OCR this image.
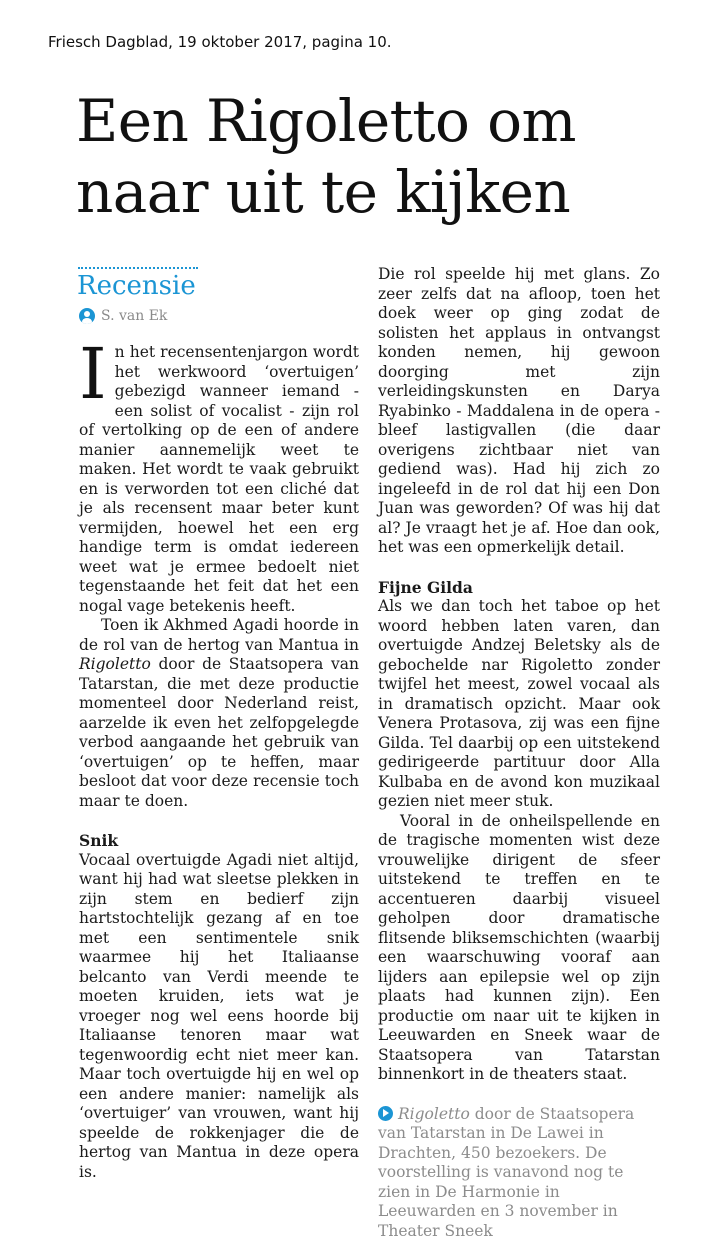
Friesch Dagblad, 19 oktober 2017, pagina 10.
Een Rigoletto om naar uit te kijken
Recensie
S. van Ek

In het recensentenjargon wordt het werkwoord ‘overtuigen’ gebezigd wanneer iemand - een solist of vocalist - zijn rol of vertolking op de een of andere manier aannemelijk weet te maken. Het wordt te vaak gebruikt en is verworden tot een cliché dat je als recensent maar beter kunt vermijden, hoewel het een erg handige term is omdat iedereen weet wat je ermee bedoelt niet tegenstaande het feit dat het een nogal vage betekenis heeft.

Toen ik Akhmed Agadi hoorde in de rol van de hertog van Mantua in Rigoletto door de Staatsopera van Tatarstan, die met deze productie momenteel door Nederland reist, aarzelde ik even het zelfopgelegde verbod aangaande het gebruik van ‘overtuigen’ op te heffen, maar besloot dat voor deze recensie toch maar te doen.

Snik

Vocaal overtuigde Agadi niet altijd, want hij had wat sleetse plekken in zijn stem en bedierf zijn hartstochtelijk gezang af en toe met een sentimentele snik waarmee hij het Italiaanse belcanto van Verdi meende te moeten kruiden, iets wat je vroeger nog wel eens hoorde bij Italiaanse tenoren maar wat tegenwoordig echt niet meer kan. Maar toch overtuigde hij en wel op een andere manier: namelijk als ‘overtuiger’ van vrouwen, want hij speelde de rokkenjager die de hertog van Mantua in deze opera is.

Die rol speelde hij met glans. Zo zeer zelfs dat na afloop, toen het doek weer op ging zodat de solisten het applaus in ontvangst konden nemen, hij gewoon doorging met zijn verleidingskunsten en Darya Ryabinko - Maddalena in de opera - bleef lastigvallen (die daar overigens zichtbaar niet van gediend was). Had hij zich zo ingeleefd in de rol dat hij een Don Juan was geworden? Of was hij dat al? Je vraagt het je af. Hoe dan ook, het was een opmerkelijk detail.

Fijne Gilda

Als we dan toch het taboe op het woord hebben laten varen, dan overtuigde Andzej Beletsky als de gebochelde nar Rigoletto zonder twijfel het meest, zowel vocaal als in dramatisch opzicht. Maar ook Venera Protasova, zij was een fijne Gilda. Tel daarbij op een uitstekend gedirigeerde partituur door Alla Kulbaba en de avond kon muzikaal gezien niet meer stuk.

Vooral in de onheilspellende en de tragische momenten wist deze vrouwelijke dirigent de sfeer uitstekend te treffen en te accentueren daarbij visueel geholpen door dramatische flitsende bliksemschichten (waarbij een waarschuwing vooraf aan lijders aan epilepsie wel op zijn plaats had kunnen zijn). Een productie om naar uit te kijken in Leeuwarden en Sneek waar de Staatsopera van Tatarstan binnenkort in de theaters staat.

Rigoletto door de Staatsopera van Tatarstan in De Lawei in Drachten, 450 bezoekers. De voorstelling is vanavond nog te zien in De Harmonie in Leeuwarden en 3 november in Theater Sneek
